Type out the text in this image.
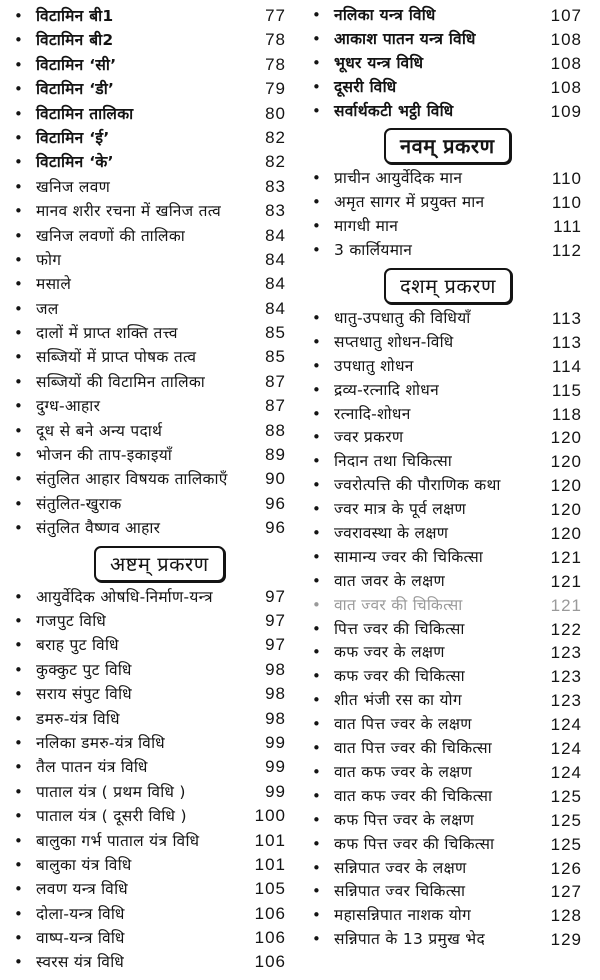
• विटामिन बी1	77
• विटामिन बी2	78
• विटामिन ‘सी’	78
• विटामिन ‘डी’	79
• विटामिन तालिका	80
• विटामिन ‘ई’	82
• विटामिन ‘के’	82
• खनिज लवण	83
• मानव शरीर रचना में खनिज तत्व	83
• खनिज लवणों की तालिका	84
• फोग	84
• मसाले	84
• जल	84
• दालों में प्राप्त शक्ति तत्त्व	85
• सब्जियों में प्राप्त पोषक तत्व	85
• सब्जियों की विटामिन तालिका	87
• दुग्ध-आहार	87
• दूध से बने अन्य पदार्थ	88
• भोजन की ताप-इकाइयाँ	89
• संतुलित आहार विषयक तालिकाएँ 90
• संतुलित-खुराक	96
• संतुलित वैष्णव आहार	96
अष्टम् प्रकरण
• आयुर्वेदिक ओषधि-निर्माण-यन्त्र	97
• गजपुट विधि	97
• बराह पुट विधि	97
• कुक्कुट पुट विधि	98
• सराय संपुट विधि	98
• डमरु-यंत्र विधि	98
• नलिका डमरु-यंत्र विधि	99
• तैल पातन यंत्र विधि	99
• पाताल यंत्र ( प्रथम विधि )	99
• पाताल यंत्र ( दूसरी विधि )	100
• बालुका गर्भ पाताल यंत्र विधि	101
• बालुका यंत्र विधि	101
• लवण यन्त्र विधि	105
• दोला-यन्त्र विधि	106
• वाष्प-यन्त्र विधि	106
• स्वरस यंत्र विधि	106
• नलिका यन्त्र विधि	107
• आकाश पातन यन्त्र विधि	108
• भूधर यन्त्र विधि	108
• दूसरी विधि	108
• सर्वार्थकटी भट्ठी विधि	109
नवम् प्रकरण
• प्राचीन आयुर्वेदिक मान	110
• अमृत सागर में प्रयुक्त मान	110
• मागधी मान	111
• 3 कार्लियमान	112
दशम् प्रकरण
• धातु-उपधातु की विधियाँ	113
• सप्तधातु शोधन-विधि	113
• उपधातु शोधन	114
• द्रव्य-रत्नादि शोधन	115
• रत्नादि-शोधन	118
• ज्वर प्रकरण	120
• निदान तथा चिकित्सा	120
• ज्वरोत्पत्ति की पौराणिक कथा	120
• ज्वर मात्र के पूर्व लक्षण	120
• ज्वरावस्था के लक्षण	120
• सामान्य ज्वर की चिकित्सा	121
• वात जवर के लक्षण	121
• वात ज्वर की चिकित्सा	121
• पित्त ज्वर की चिकित्सा	122
• कफ ज्वर के लक्षण	123
• कफ ज्वर की चिकित्सा	123
• शीत भंजी रस का योग	123
• वात पित्त ज्वर के लक्षण	124
• वात पित्त ज्वर की चिकित्सा	124
• वात कफ ज्वर के लक्षण	124
• वात कफ ज्वर की चिकित्सा	125
• कफ पित्त ज्वर के लक्षण	125
• कफ पित्त ज्वर की चिकित्सा	125
• सन्निपात ज्वर के लक्षण	126
• सन्निपात ज्वर चिकित्सा	127
• महासन्निपात नाशक योग	128
• सन्निपात के 13 प्रमुख भेद	129
